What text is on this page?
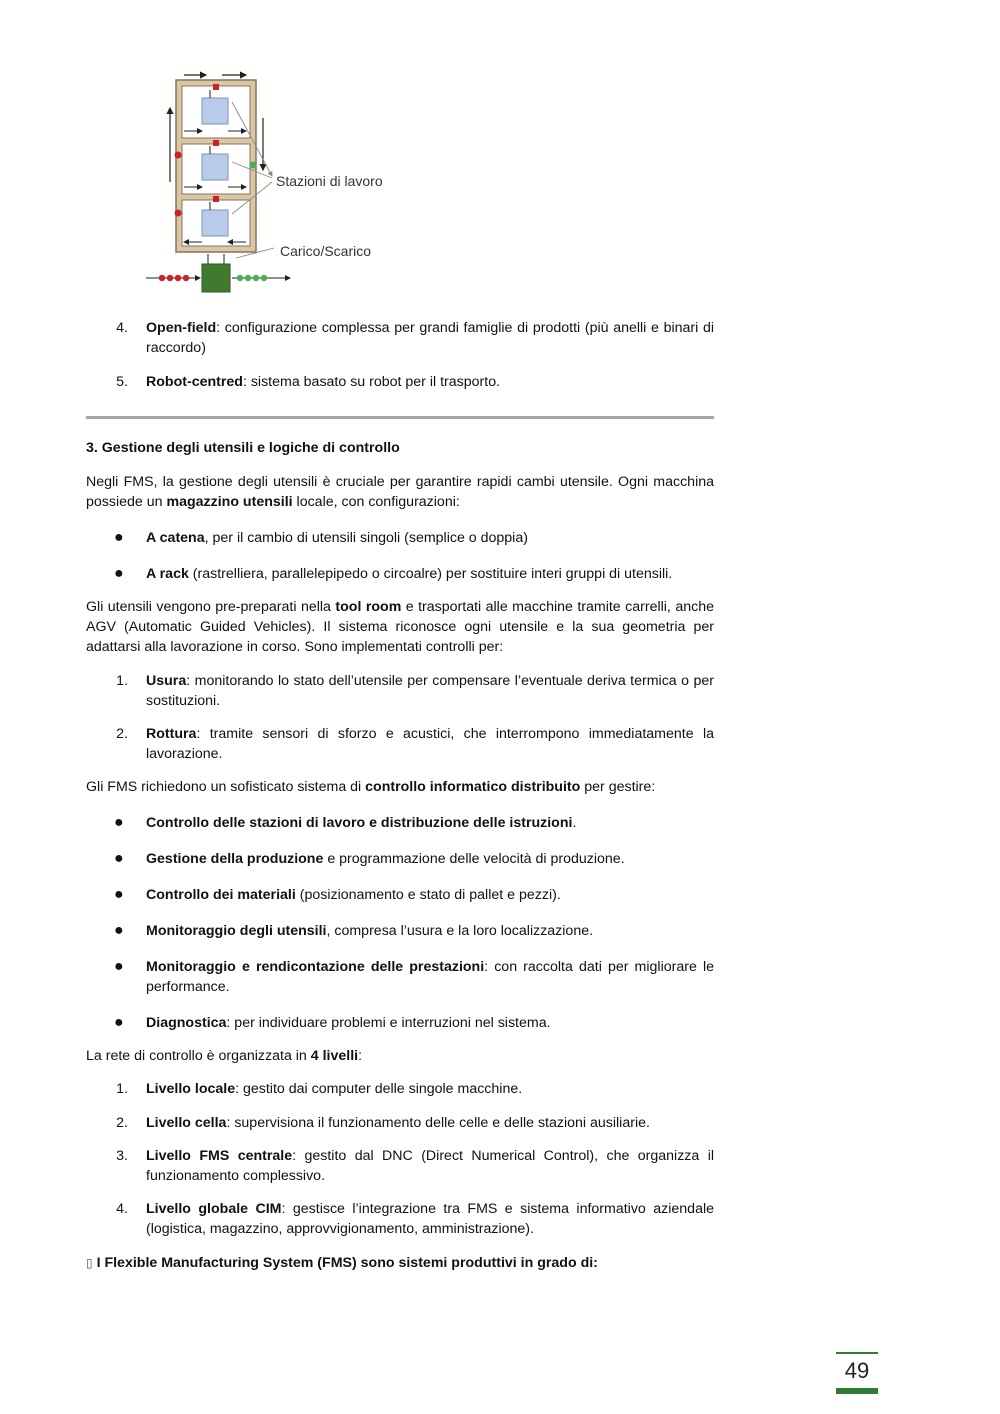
Stazioni di lavoro
Carico/Scarico
4. Open-field: configurazione complessa per grandi famiglie di prodotti (più anelli e binari di raccordo)
5. Robot-centred: sistema basato su robot per il trasporto.
3. Gestione degli utensili e logiche di controllo

Negli FMS, la gestione degli utensili è cruciale per garantire rapidi cambi utensile. Ogni macchina possiede un magazzino utensili locale, con configurazioni:

●	A catena, per il cambio di utensili singoli (semplice o doppia)
●	A rack (rastrelliera, parallelepipedo o circoalre) per sostituire interi gruppi di utensili.

Gli utensili vengono pre-preparati nella tool room e trasportati alle macchine tramite carrelli, anche AGV (Automatic Guided Vehicles). Il sistema riconosce ogni utensile e la sua geometria per adattarsi alla lavorazione in corso. Sono implementati controlli per:

1. Usura: monitorando lo stato dell’utensile per compensare l’eventuale deriva termica o per sostituzioni.
2. Rottura: tramite sensori di sforzo e acustici, che interrompono immediatamente la lavorazione.

Gli FMS richiedono un sofisticato sistema di controllo informatico distribuito per gestire:

●	Controllo delle stazioni di lavoro e distribuzione delle istruzioni.
●	Gestione della produzione e programmazione delle velocità di produzione.
●	Controllo dei materiali (posizionamento e stato di pallet e pezzi).
●	Monitoraggio degli utensili, compresa l’usura e la loro localizzazione.
●	Monitoraggio e rendicontazione delle prestazioni: con raccolta dati per migliorare le performance.
●	Diagnostica: per individuare problemi e interruzioni nel sistema.

La rete di controllo è organizzata in 4 livelli:

1. Livello locale: gestito dai computer delle singole macchine.
2. Livello cella: supervisiona il funzionamento delle celle e delle stazioni ausiliarie.
3. Livello FMS centrale: gestito dal DNC (Direct Numerical Control), che organizza il funzionamento complessivo.
4. Livello globale CIM: gestisce l’integrazione tra FMS e sistema informativo aziendale (logistica, magazzino, approvvigionamento, amministrazione).
▯ I Flexible Manufacturing System (FMS) sono sistemi produttivi in grado di:
49
